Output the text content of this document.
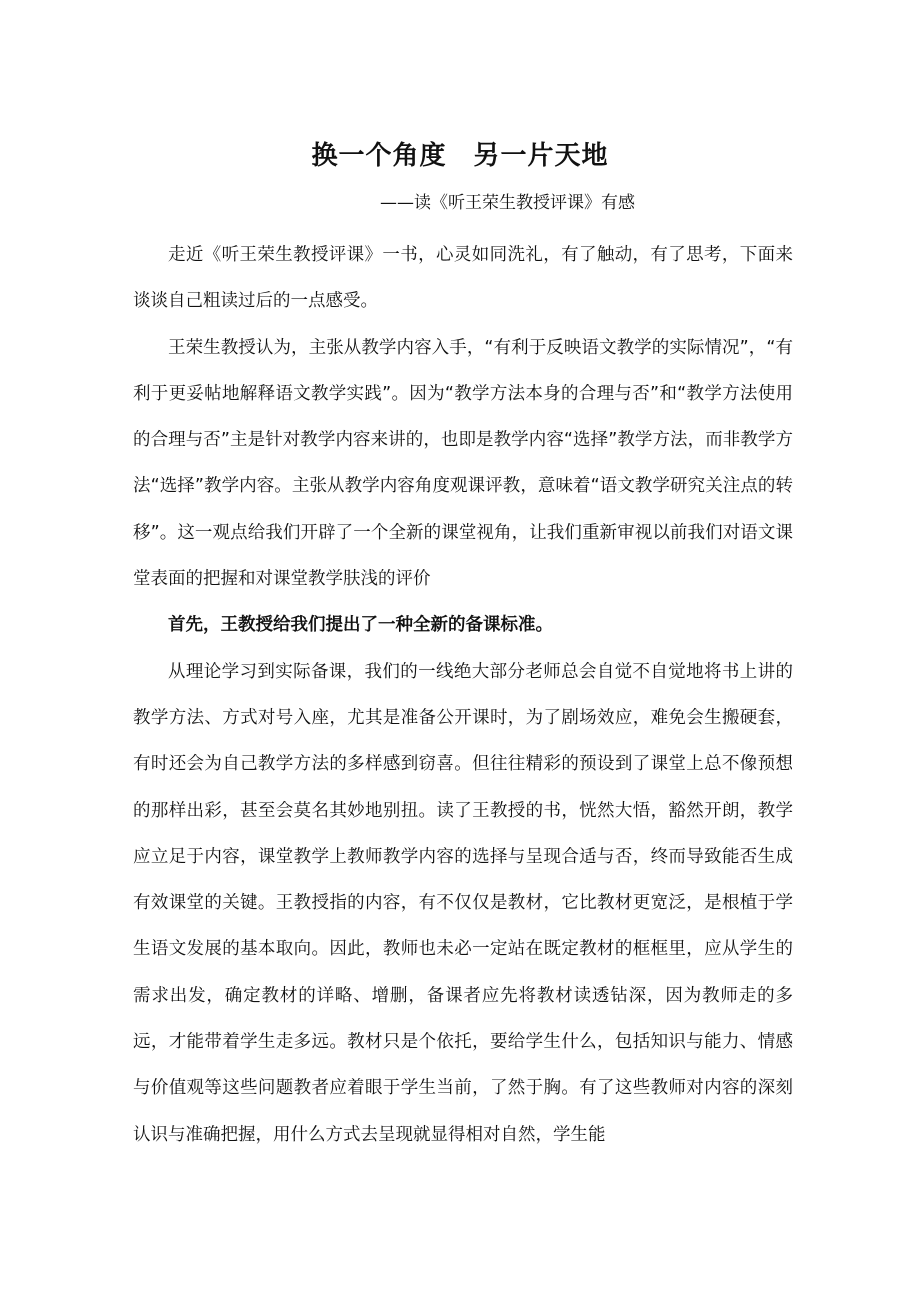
换一个角度　另一片天地
——读《听王荣生教授评课》有感

走近《听王荣生教授评课》一书，心灵如同洗礼，有了触动，有了思考，下面来谈谈自己粗读过后的一点感受。

王荣生教授认为，主张从教学内容入手，“有利于反映语文教学的实际情况”，“有利于更妥帖地解释语文教学实践”。因为“教学方法本身的合理与否”和“教学方法使用的合理与否”主是针对教学内容来讲的，也即是教学内容“选择”教学方法，而非教学方法“选择”教学内容。主张从教学内容角度观课评教，意味着“语文教学研究关注点的转移”。这一观点给我们开辟了一个全新的课堂视角，让我们重新审视以前我们对语文课堂表面的把握和对课堂教学肤浅的评价

首先，王教授给我们提出了一种全新的备课标准。

从理论学习到实际备课，我们的一线绝大部分老师总会自觉不自觉地将书上讲的教学方法、方式对号入座，尤其是准备公开课时，为了剧场效应，难免会生搬硬套，有时还会为自己教学方法的多样感到窃喜。但往往精彩的预设到了课堂上总不像预想的那样出彩，甚至会莫名其妙地别扭。读了王教授的书，恍然大悟，豁然开朗，教学应立足于内容，课堂教学上教师教学内容的选择与呈现合适与否，终而导致能否生成有效课堂的关键。王教授指的内容，有不仅仅是教材，它比教材更宽泛，是根植于学生语文发展的基本取向。因此，教师也未必一定站在既定教材的框框里，应从学生的需求出发，确定教材的详略、增删，备课者应先将教材读透钻深，因为教师走的多远，才能带着学生走多远。教材只是个依托，要给学生什么，包括知识与能力、情感与价值观等这些问题教者应着眼于学生当前，了然于胸。有了这些教师对内容的深刻认识与准确把握，用什么方式去呈现就显得相对自然，学生能
